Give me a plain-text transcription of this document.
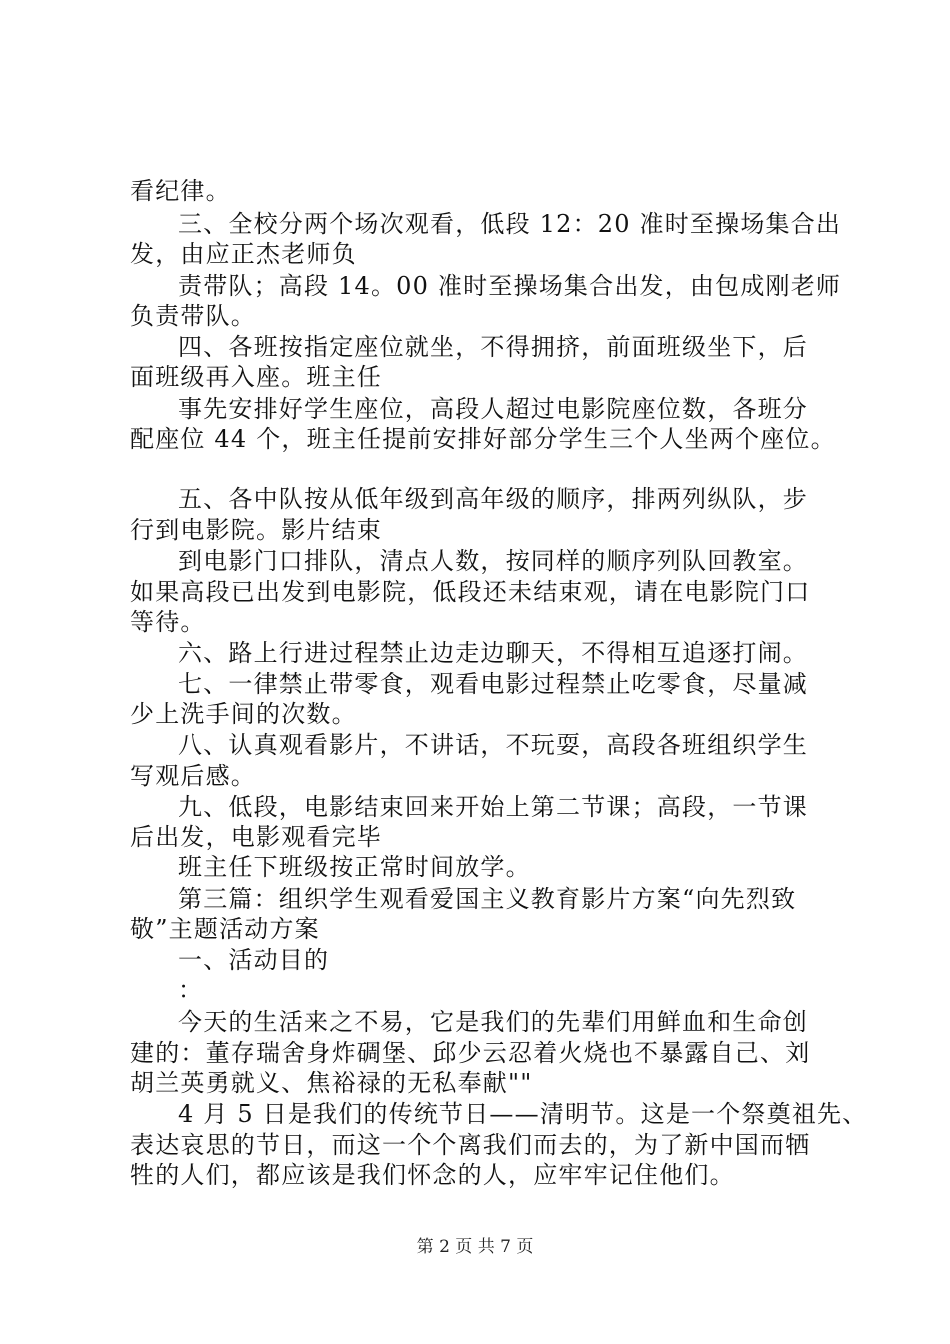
看纪律。
三、全校分两个场次观看，低段 12：20 准时至操场集合出
发，由应正杰老师负
责带队；高段 14。00 准时至操场集合出发，由包成刚老师
负责带队。
四、各班按指定座位就坐，不得拥挤，前面班级坐下，后
面班级再入座。班主任
事先安排好学生座位，高段人超过电影院座位数，各班分
配座位 44 个，班主任提前安排好部分学生三个人坐两个座位。
五、各中队按从低年级到高年级的顺序，排两列纵队，步
行到电影院。影片结束
到电影门口排队，清点人数，按同样的顺序列队回教室。
如果高段已出发到电影院，低段还未结束观，请在电影院门口
等待。
六、路上行进过程禁止边走边聊天，不得相互追逐打闹。
七、一律禁止带零食，观看电影过程禁止吃零食，尽量减
少上洗手间的次数。
八、认真观看影片，不讲话，不玩耍，高段各班组织学生
写观后感。
九、低段，电影结束回来开始上第二节课；高段，一节课
后出发，电影观看完毕
班主任下班级按正常时间放学。
第三篇：组织学生观看爱国主义教育影片方案“向先烈致
敬”主题活动方案
一、活动目的
：
今天的生活来之不易，它是我们的先辈们用鲜血和生命创
建的：董存瑞舍身炸碉堡、邱少云忍着火烧也不暴露自己、刘
胡兰英勇就义、焦裕禄的无私奉献""
4 月 5 日是我们的传统节日——清明节。这是一个祭奠祖先、
表达哀思的节日，而这一个个离我们而去的，为了新中国而牺
牲的人们，都应该是我们怀念的人，应牢牢记住他们。
第 2 页 共 7 页
